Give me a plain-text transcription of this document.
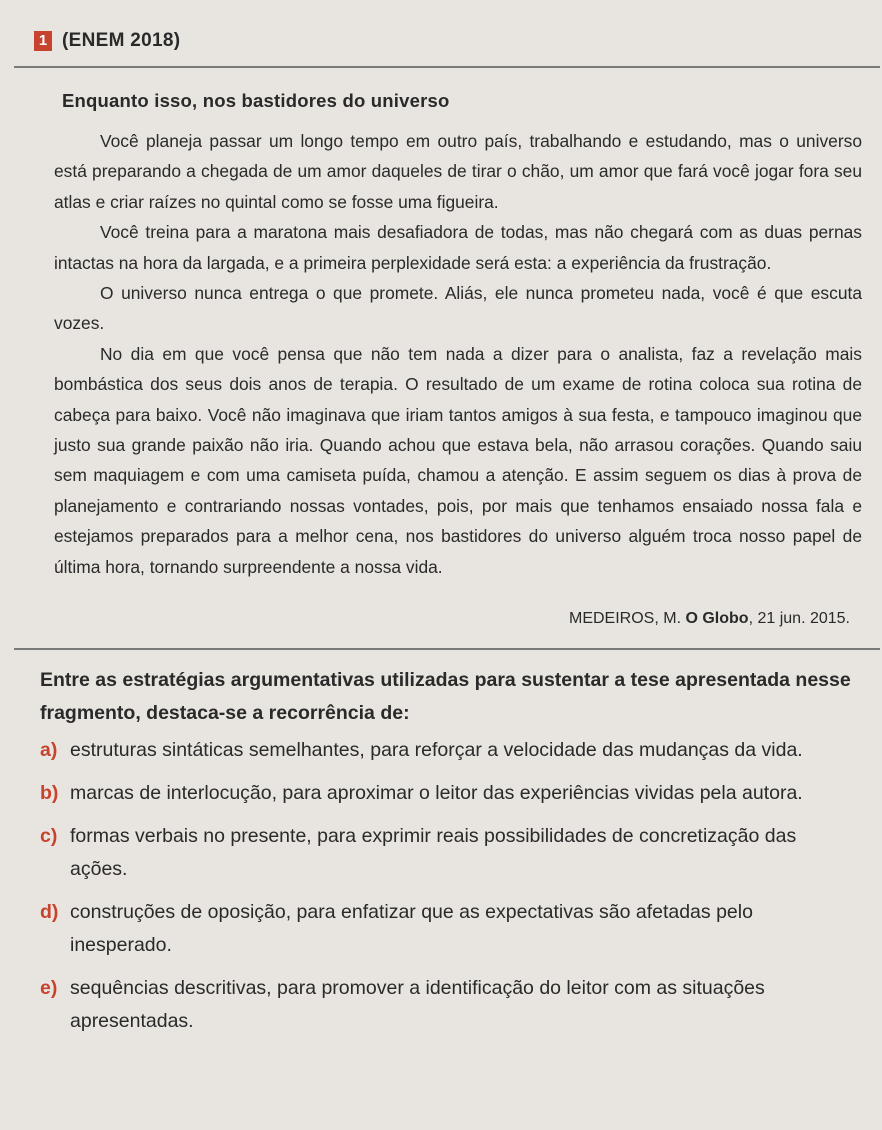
1 (ENEM 2018)
Enquanto isso, nos bastidores do universo

Você planeja passar um longo tempo em outro país, trabalhando e estudando, mas o universo está preparando a chegada de um amor daqueles de tirar o chão, um amor que fará você jogar fora seu atlas e criar raízes no quintal como se fosse uma figueira.

Você treina para a maratona mais desafiadora de todas, mas não chegará com as duas pernas intactas na hora da largada, e a primeira perplexidade será esta: a experiência da frustração.

O universo nunca entrega o que promete. Aliás, ele nunca prometeu nada, você é que escuta vozes.

No dia em que você pensa que não tem nada a dizer para o analista, faz a revelação mais bombástica dos seus dois anos de terapia. O resultado de um exame de rotina coloca sua rotina de cabeça para baixo. Você não imaginava que iriam tantos amigos à sua festa, e tampouco imaginou que justo sua grande paixão não iria. Quando achou que estava bela, não arrasou corações. Quando saiu sem maquiagem e com uma camiseta puída, chamou a atenção. E assim seguem os dias à prova de planejamento e contrariando nossas vontades, pois, por mais que tenhamos ensaiado nossa fala e estejamos preparados para a melhor cena, nos bastidores do universo alguém troca nosso papel de última hora, tornando surpreendente a nossa vida.

MEDEIROS, M. O Globo, 21 jun. 2015.
Entre as estratégias argumentativas utilizadas para sustentar a tese apresentada nesse fragmento, destaca-se a recorrência de:
a) estruturas sintáticas semelhantes, para reforçar a velocidade das mudanças da vida.
b) marcas de interlocução, para aproximar o leitor das experiências vividas pela autora.
c) formas verbais no presente, para exprimir reais possibilidades de concretização das ações.
d) construções de oposição, para enfatizar que as expectativas são afetadas pelo inesperado.
e) sequências descritivas, para promover a identificação do leitor com as situações apresentadas.
